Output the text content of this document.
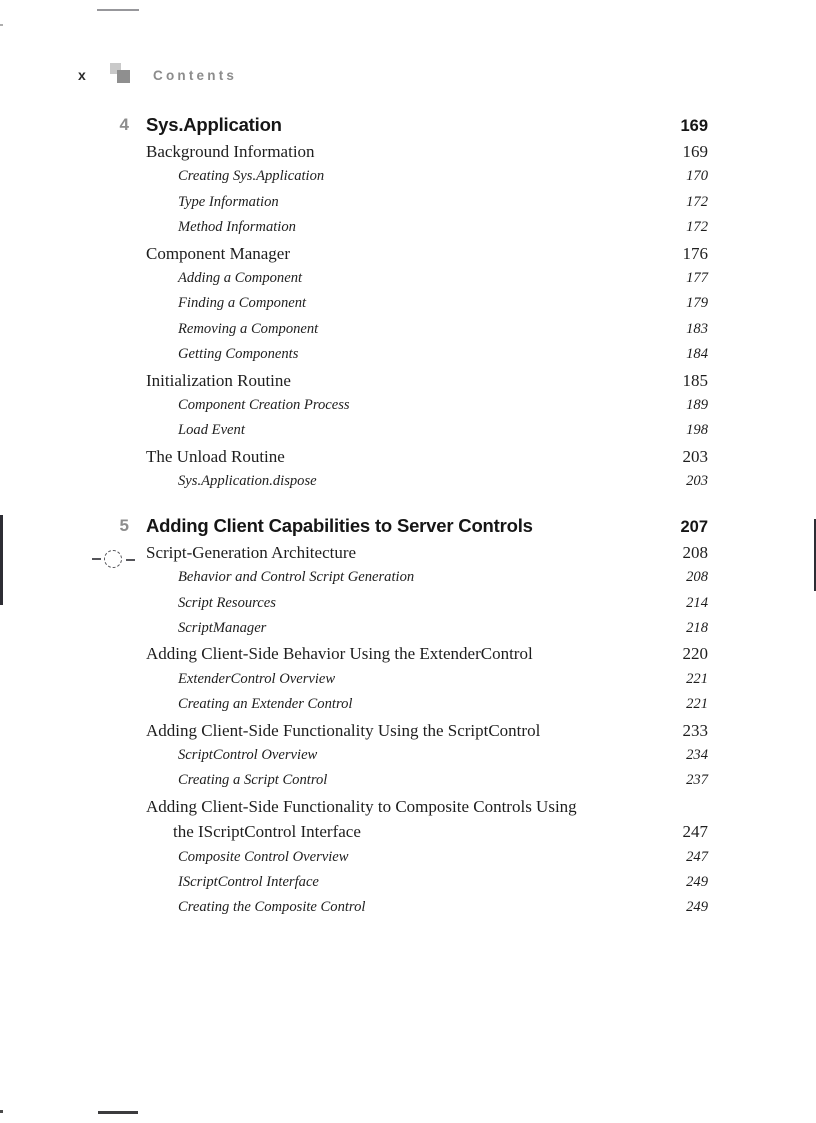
x	Contents
4 Sys.Application	169
Background Information	169
Creating Sys.Application	170
Type Information	172
Method Information	172
Component Manager	176
Adding a Component	177
Finding a Component	179
Removing a Component	183
Getting Components	184
Initialization Routine	185
Component Creation Process	189
Load Event	198
The Unload Routine	203
Sys.Application.dispose	203
5 Adding Client Capabilities to Server Controls	207
Script-Generation Architecture	208
Behavior and Control Script Generation	208
Script Resources	214
ScriptManager	218
Adding Client-Side Behavior Using the ExtenderControl	220
ExtenderControl Overview	221
Creating an Extender Control	221
Adding Client-Side Functionality Using the ScriptControl	233
ScriptControl Overview	234
Creating a Script Control	237
Adding Client-Side Functionality to Composite Controls Using
the IScriptControl Interface	247
Composite Control Overview	247
IScriptControl Interface	249
Creating the Composite Control	249
